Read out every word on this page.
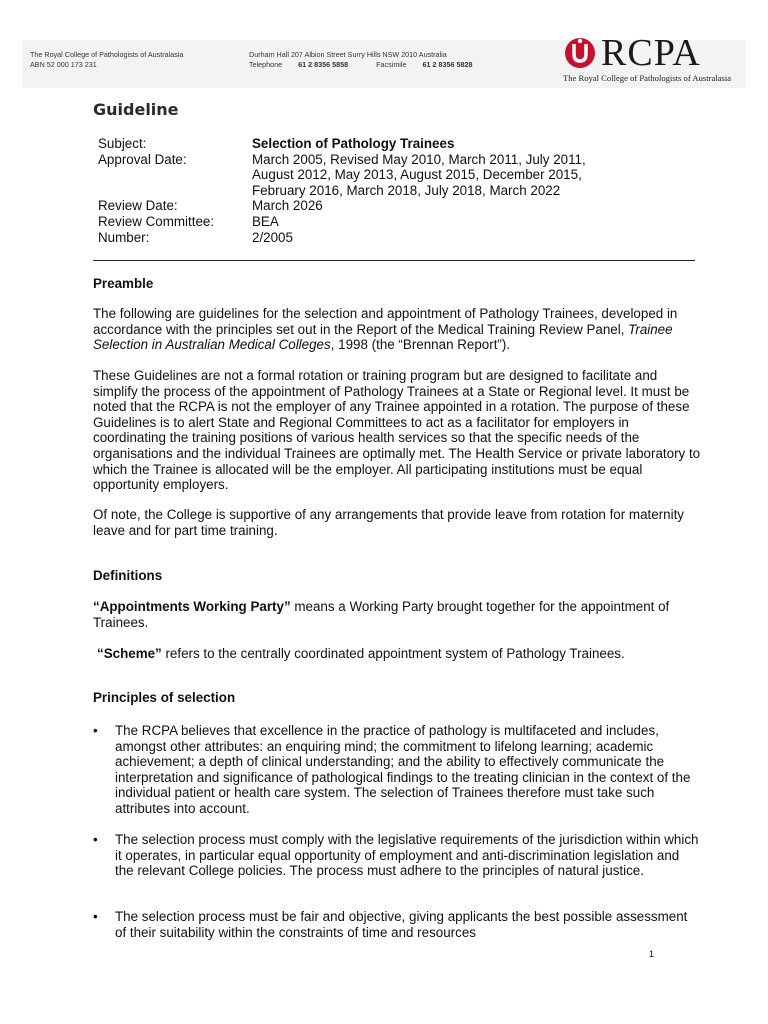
The Royal College of Pathologists of Australasia
ABN 52 000 173 231
Durham Hall 207 Albion Street Surry Hills NSW 2010 Australia
Telephone 61 2 8356 5858	Facsimile 61 2 8356 5828	RCPA
The Royal College of Pathologists of Australasia
Guideline
Subject:	Selection of Pathology Trainees
Approval Date:	March 2005, Revised May 2010, March 2011, July 2011,
August 2012, May 2013, August 2015, December 2015,
February 2016, March 2018, July 2018, March 2022
Review Date:	March 2026
Review Committee:	BEA
Number:	2/2005
Preamble

The following are guidelines for the selection and appointment of Pathology Trainees, developed in accordance with the principles set out in the Report of the Medical Training Review Panel, Trainee Selection in Australian Medical Colleges, 1998 (the “Brennan Report”).

These Guidelines are not a formal rotation or training program but are designed to facilitate and simplify the process of the appointment of Pathology Trainees at a State or Regional level. It must be noted that the RCPA is not the employer of any Trainee appointed in a rotation. The purpose of these Guidelines is to alert State and Regional Committees to act as a facilitator for employers in coordinating the training positions of various health services so that the specific needs of the organisations and the individual Trainees are optimally met. The Health Service or private laboratory to which the Trainee is allocated will be the employer. All participating institutions must be equal opportunity employers.

Of note, the College is supportive of any arrangements that provide leave from rotation for maternity leave and for part time training.

Definitions

“Appointments Working Party” means a Working Party brought together for the appointment of Trainees.

“Scheme” refers to the centrally coordinated appointment system of Pathology Trainees.

Principles of selection
• The RCPA believes that excellence in the practice of pathology is multifaceted and includes, amongst other attributes: an enquiring mind; the commitment to lifelong learning; academic achievement; a depth of clinical understanding; and the ability to effectively communicate the interpretation and significance of pathological findings to the treating clinician in the context of the individual patient or health care system. The selection of Trainees therefore must take such attributes into account.
• The selection process must comply with the legislative requirements of the jurisdiction within which it operates, in particular equal opportunity of employment and anti-discrimination legislation and the relevant College policies. The process must adhere to the principles of natural justice.
• The selection process must be fair and objective, giving applicants the best possible assessment of their suitability within the constraints of time and resources
1
